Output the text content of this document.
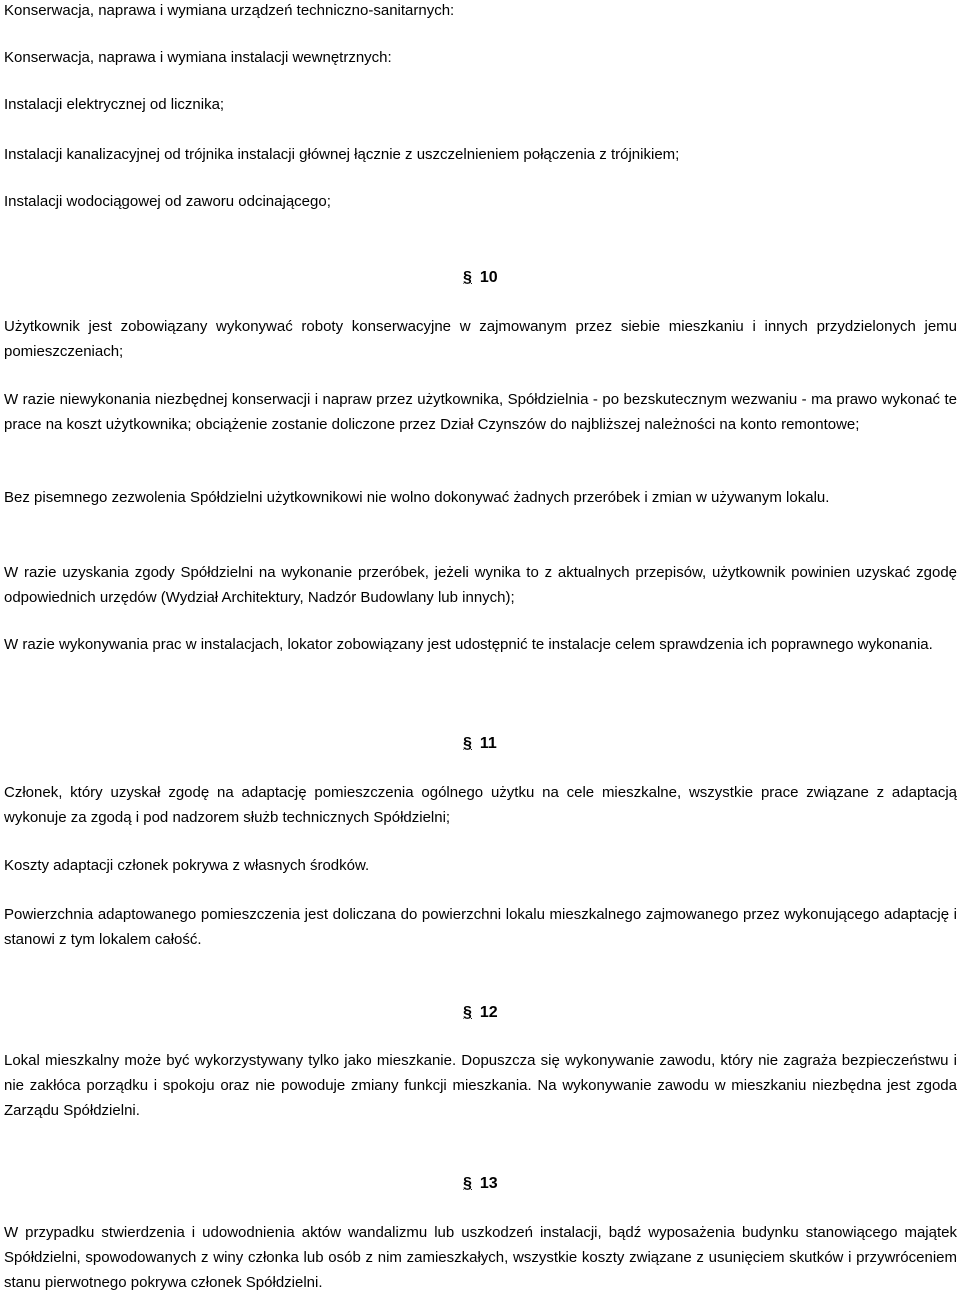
Konserwacja, naprawa i wymiana urządzeń techniczno-sanitarnych:
Konserwacja, naprawa i wymiana instalacji wewnętrznych:
Instalacji elektrycznej od licznika;
Instalacji kanalizacyjnej od trójnika instalacji głównej łącznie z uszczelnieniem połączenia z trójnikiem;
Instalacji wodociągowej od zaworu odcinającego;
§ 10

Użytkownik jest zobowiązany wykonywać roboty konserwacyjne w zajmowanym przez siebie mieszkaniu i innych przydzielonych jemu pomieszczeniach;

W razie niewykonania niezbędnej konserwacji i napraw przez użytkownika, Spółdzielnia - po bezskutecznym wezwaniu - ma prawo wykonać te prace na koszt użytkownika; obciążenie zostanie doliczone przez Dział Czynszów do najbliższej należności na konto remontowe;

Bez pisemnego zezwolenia Spółdzielni użytkownikowi nie wolno dokonywać żadnych przeróbek i zmian w używanym lokalu.

W razie uzyskania zgody Spółdzielni na wykonanie przeróbek, jeżeli wynika to z aktualnych przepisów, użytkownik powinien uzyskać zgodę odpowiednich urzędów (Wydział Architektury, Nadzór Budowlany lub innych);

W razie wykonywania prac w instalacjach, lokator zobowiązany jest udostępnić te instalacje celem sprawdzenia ich poprawnego wykonania.

§ 11

Członek, który uzyskał zgodę na adaptację pomieszczenia ogólnego użytku na cele mieszkalne, wszystkie prace związane z adaptacją wykonuje za zgodą i pod nadzorem służb technicznych Spółdzielni;

Koszty adaptacji członek pokrywa z własnych środków.

Powierzchnia adaptowanego pomieszczenia jest doliczana do powierzchni lokalu mieszkalnego zajmowanego przez wykonującego adaptację i stanowi z tym lokalem całość.

§ 12

Lokal mieszkalny może być wykorzystywany tylko jako mieszkanie. Dopuszcza się wykonywanie zawodu, który nie zagraża bezpieczeństwu i nie zakłóca porządku i spokoju oraz nie powoduje zmiany funkcji mieszkania. Na wykonywanie zawodu w mieszkaniu niezbędna jest zgoda Zarządu Spółdzielni.

§ 13

W przypadku stwierdzenia i udowodnienia aktów wandalizmu lub uszkodzeń instalacji, bądź wyposażenia budynku stanowiącego majątek Spółdzielni, spowodowanych z winy członka lub osób z nim zamieszkałych, wszystkie koszty związane z usunięciem skutków i przywróceniem stanu pierwotnego pokrywa członek Spółdzielni.
